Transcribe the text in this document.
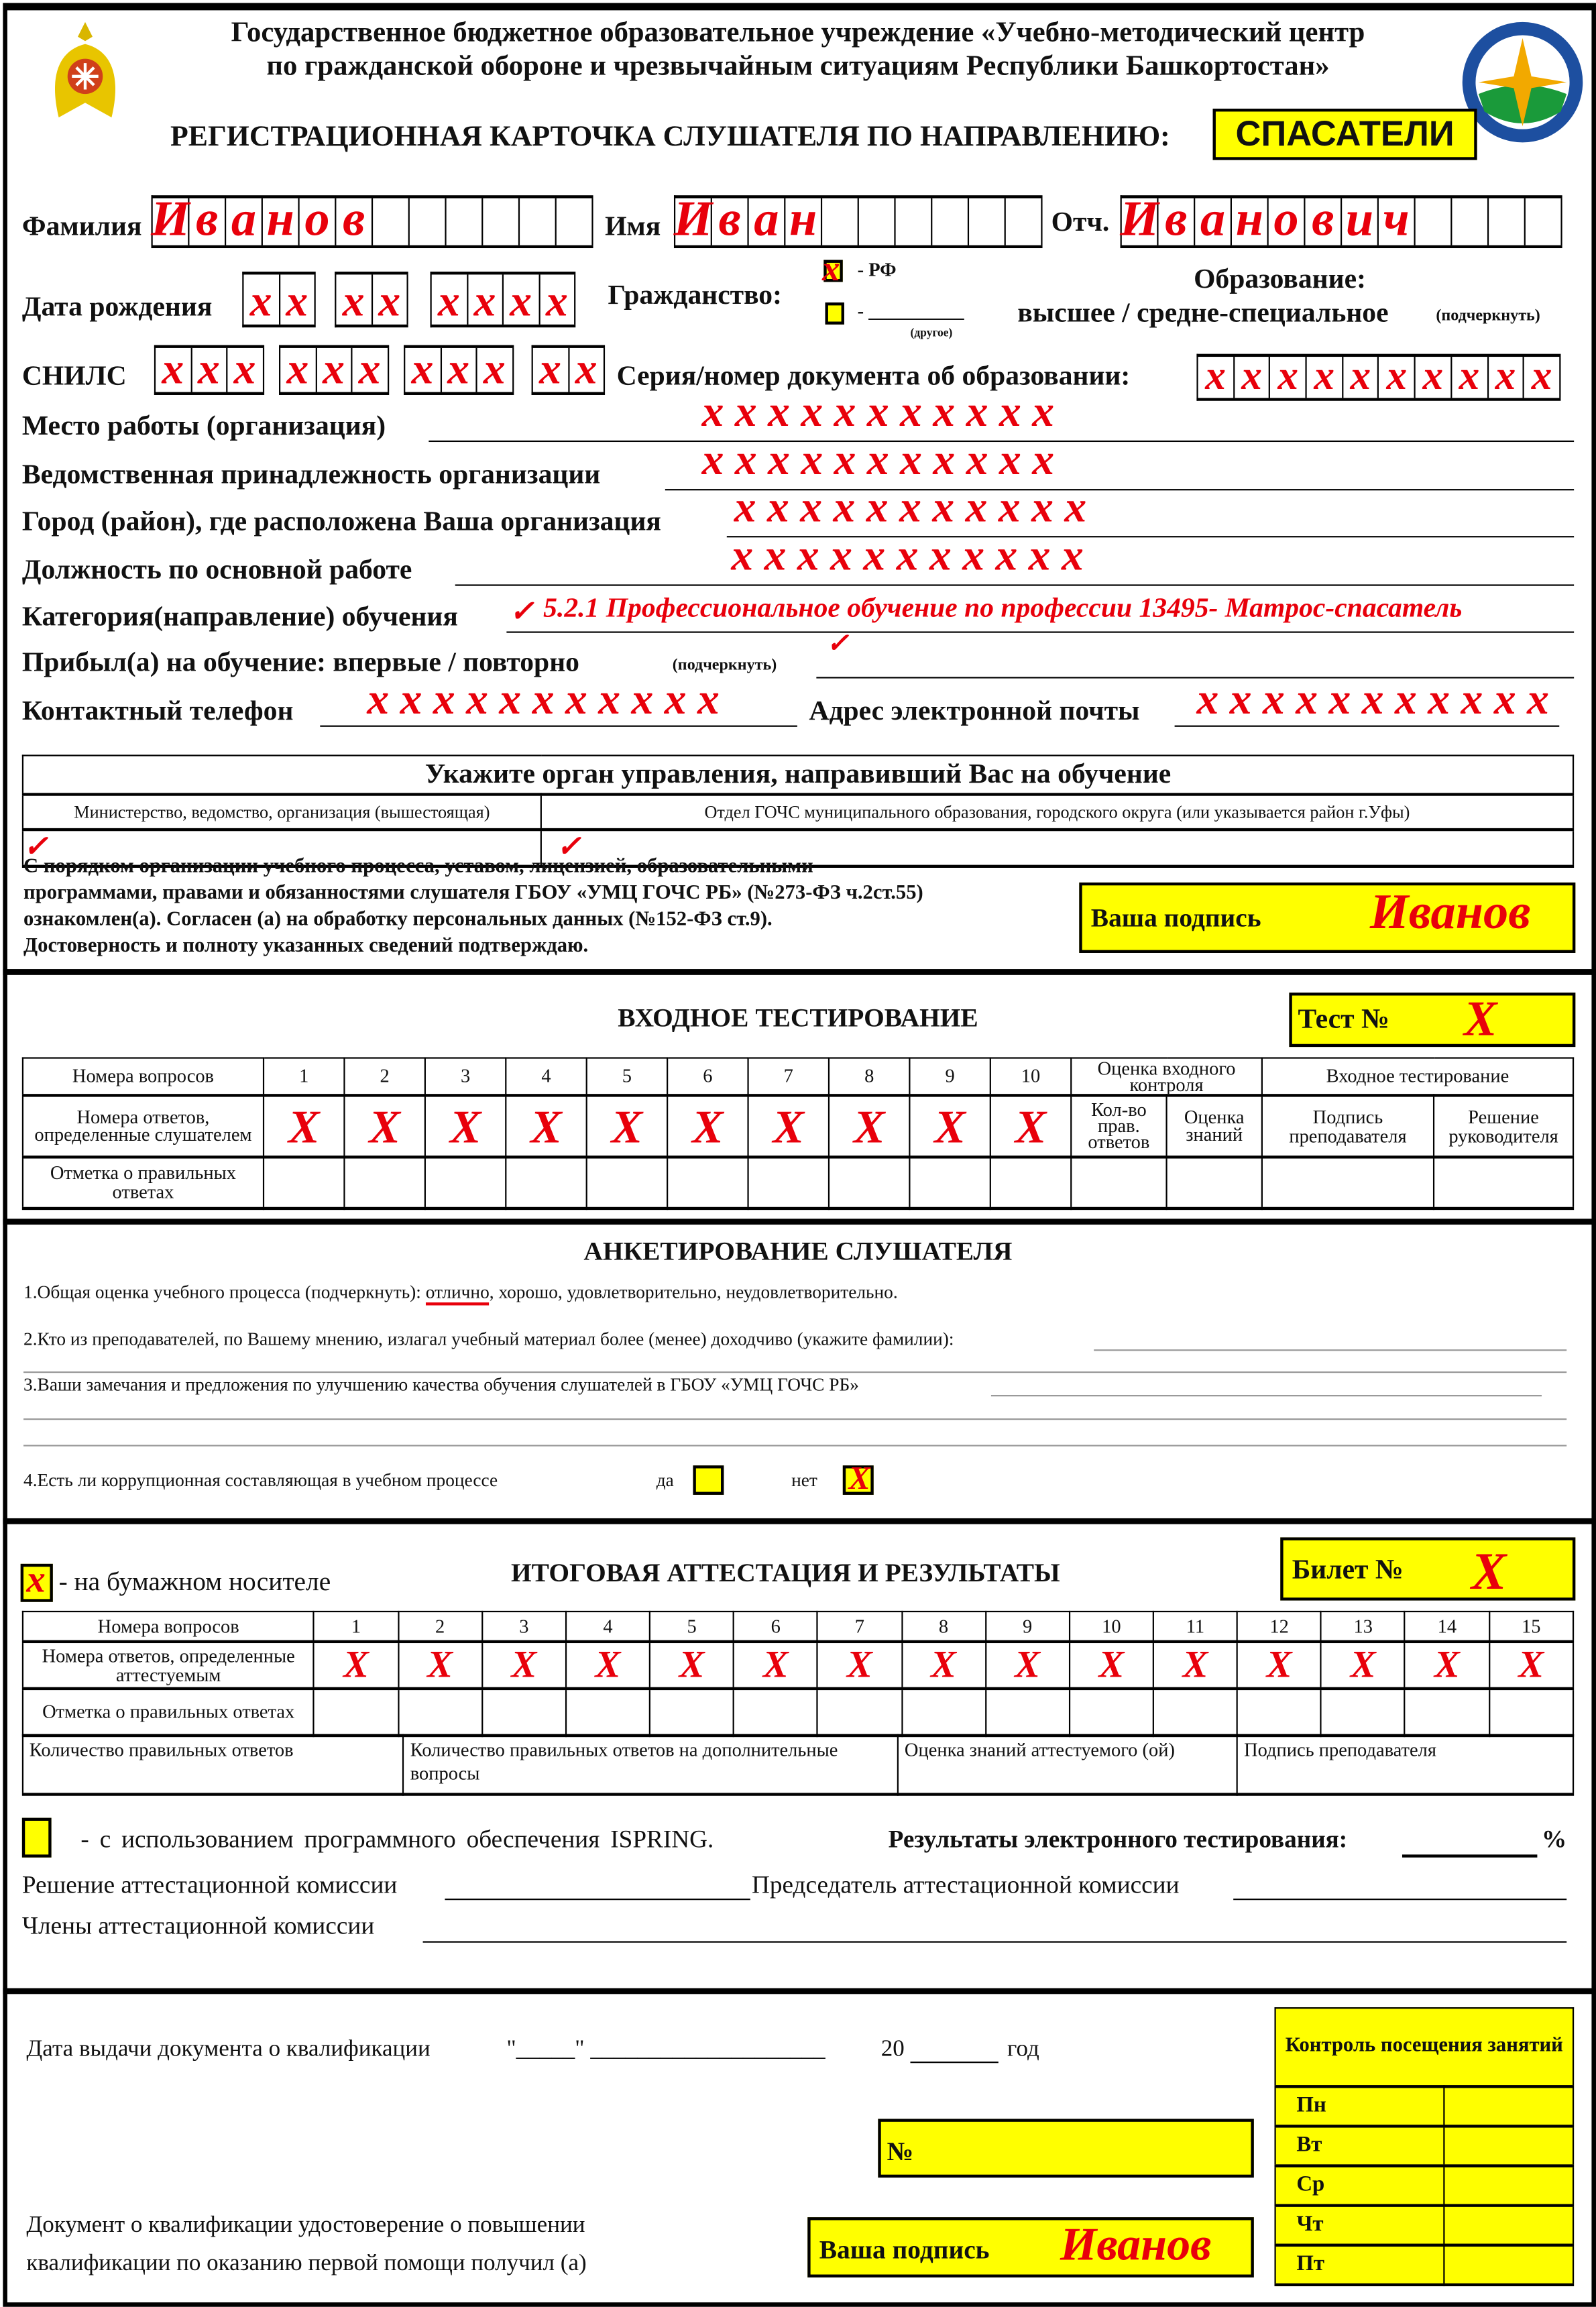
Государственное бюджетное образовательное учреждение «Учебно-методический центр
по гражданской обороне и чрезвычайным ситуациям Республики Башкортостан»
РЕГИСТРАЦИОННАЯ КАРТОЧКА СЛУШАТЕЛЯ ПО НАПРАВЛЕНИЮ:	СПАСАТЕЛИ
Фамилия И в а н о в	Имя И в а н	Отч. И в а н о в и ч
Дата рождения	x x	x x	x x x x	Гражданство:
x - РФ
- __________
(другое)
Образование:
высшее / средне-специальное	(подчеркнуть)
СНИЛС	x x x	x x x	x x x	x x	Серия/номер документа об образовании:	x x x x x x x x x x
Место работы (организация)	x x x x x x x x x x x
Ведомственная принадлежность организации	x x x x x x x x x x x
Город (район), где расположена Ваша организация	x x x x x x x x x x x
Должность по основной работе	x x x x x x x x x x x
Категория(направление) обучения	✓ 5.2.1 Профессиональное обучение по профессии 13495- Матрос-спасатель
Прибыл(а) на обучение: впервые / повторно	(подчеркнуть)
✓
Контактный телефон	x x x x x x x x x x x	Адрес электронной почты	x x x x x x x x x x x
Укажите орган управления, направивший Вас на обучение	
Министерство, ведомство, организация (вышестоящая)	Отдел ГОЧС муниципального образования, городского округа (или указывается район г.Уфы)
✓	✓
С порядком организации учебного процесса, уставом, лицензией, образовательными
программами, правами и обязанностями слушателя ГБОУ «УМЦ ГОЧС РБ» (№273-ФЗ ч.2ст.55)
ознакомлен(а). Согласен (а) на обработку персональных данных (№152-ФЗ ст.9).
Достоверность и полноту указанных сведений подтверждаю.
Ваша подпись	Иванов
ВХОДНОЕ ТЕСТИРОВАНИЕ	Тест №	X
Номера вопросов	1	2	3	4	5	6	7	8	9	10	Оценка входного контроля		Входное тестирование	
Номера ответов, определенные слушателем	X	X	X	X	X	X	X	X	X	X	Кол-во прав. ответов	Оценка знаний	Подпись преподавателя	Решение руководителя
Отметка о правильных ответах														
АНКЕТИРОВАНИЕ СЛУШАТЕЛЯ
1.Общая оценка учебного процесса (подчеркнуть): отлично, хорошо, удовлетворительно, неудовлетворительно.
2.Кто из преподавателей, по Вашему мнению, излагал учебный материал более (менее) доходчиво (укажите фамилии):
3.Ваши замечания и предложения по улучшению качества обучения слушателей в ГБОУ «УМЦ ГОЧС РБ»
4.Есть ли коррупционная составляющая в учебном процессе	да	нет X
x - на бумажном носителе	ИТОГОВАЯ АТТЕСТАЦИЯ И РЕЗУЛЬТАТЫ	Билет №	X
Номера вопросов	1	2	3	4	5	6	7	8	9	10	11	12	13	14	15
Номера ответов, определенные аттестуемым	X	X	X	X	X	X	X	X	X	X	X	X	X	X	X
Отметка о правильных ответах															
- с использованием программного обеспечения ISPRING.	Результаты электронного тестирования:	%
Решение аттестационной комиссии	Председатель аттестационной комиссии
Члены аттестационной комиссии
Дата выдачи документа о квалификации	"_____" ____________________	20	год
№
Документ о квалификации удостоверение о повышении
квалификации по оказанию первой помощи получил (а)	Ваша подпись	Иванов
Контроль посещения занятий	
Пн	
Вт	
Ср	
Чт	
Пт	
Количество правильных ответов	Количество правильных ответов на дополнительные вопросы	Оценка знаний аттестуемого (ой)	Подпись преподавателя
